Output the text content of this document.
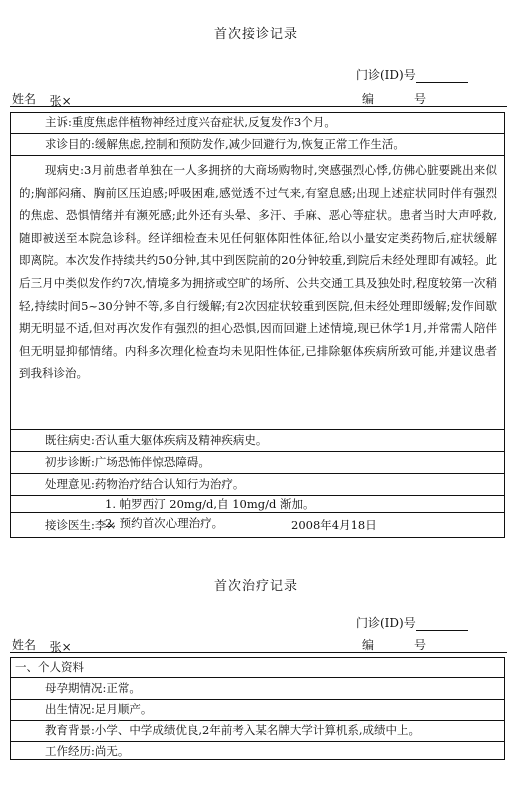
首次接诊记录
门诊(ID)号
姓名 张×	编	号
主诉:重度焦虑伴植物神经过度兴奋症状,反复发作3个月。
求诊目的:缓解焦虑,控制和预防发作,减少回避行为,恢复正常工作生活。
现病史:3月前患者单独在一人多拥挤的大商场购物时,突感强烈心悸,仿佛心脏要跳出来似的;胸部闷痛、胸前区压迫感;呼吸困难,感觉透不过气来,有窒息感;出现上述症状同时伴有强烈的焦虑、恐惧情绪并有濒死感;此外还有头晕、多汗、手麻、恶心等症状。患者当时大声呼救,随即被送至本院急诊科。经详细检查未见任何躯体阳性体征,给以小量安定类药物后,症状缓解即离院。本次发作持续共约50分钟,其中到医院前的20分钟较重,到院后未经处理即有减轻。此后三月中类似发作约7次,情境多为拥挤或空旷的场所、公共交通工具及独处时,程度较第一次稍轻,持续时间5~30分钟不等,多自行缓解;有2次因症状较重到医院,但未经处理即缓解;发作间歇期无明显不适,但对再次发作有强烈的担心恐惧,因而回避上述情境,现已休学1月,并常需人陪伴但无明显抑郁情绪。内科多次理化检查均未见阳性体征,已排除躯体疾病所致可能,并建议患者到我科诊治。
既往病史:否认重大躯体疾病及精神疾病史。
初步诊断:广场恐怖伴惊恐障碍。
处理意见:药物治疗结合认知行为治疗。
1. 帕罗西汀 20mg/d,自 10mg/d 渐加。
2. 预约首次心理治疗。
接诊医生:李×	2008年4月18日
首次治疗记录
门诊(ID)号
姓名 张×	编	号
一、个人资料
母孕期情况:正常。
出生情况:足月顺产。
教育背景:小学、中学成绩优良,2年前考入某名牌大学计算机系,成绩中上。
工作经历:尚无。
